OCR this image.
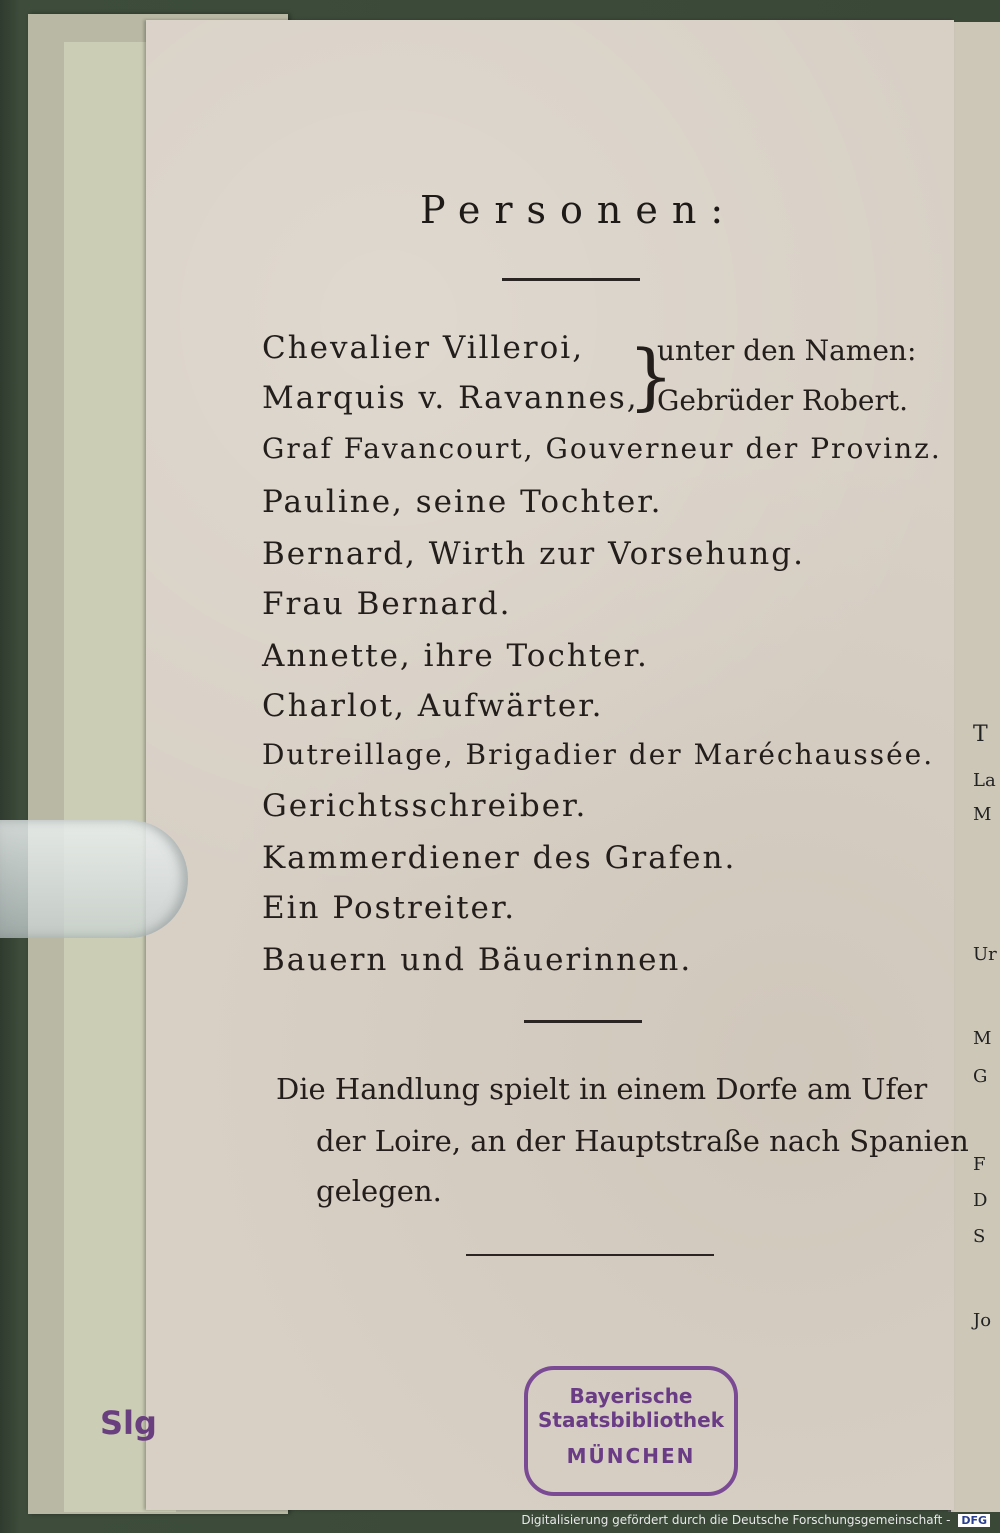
T
La
M
Ur
M
G
F
D
S
Jo
Personen:
Chevalier Villeroi,
Marquis v. Ravannes,
}
unter den Namen:
Gebrüder Robert.
Graf Favancourt, Gouverneur der Provinz.
Pauline, seine Tochter.
Bernard, Wirth zur Vorsehung.
Frau Bernard.
Annette, ihre Tochter.
Charlot, Aufwärter.
Dutreillage, Brigadier der Maréchaussée.
Gerichtsschreiber.
Kammerdiener des Grafen.
Ein Postreiter.
Bauern und Bäuerinnen.
Die Handlung spielt in einem Dorfe am Ufer
der Loire, an der Hauptstraße nach Spanien
gelegen.
Slg
Bayerische
Staatsbibliothek
MÜNCHEN
Digitalisierung gefördert durch die Deutsche Forschungsgemeinschaft - DFG
